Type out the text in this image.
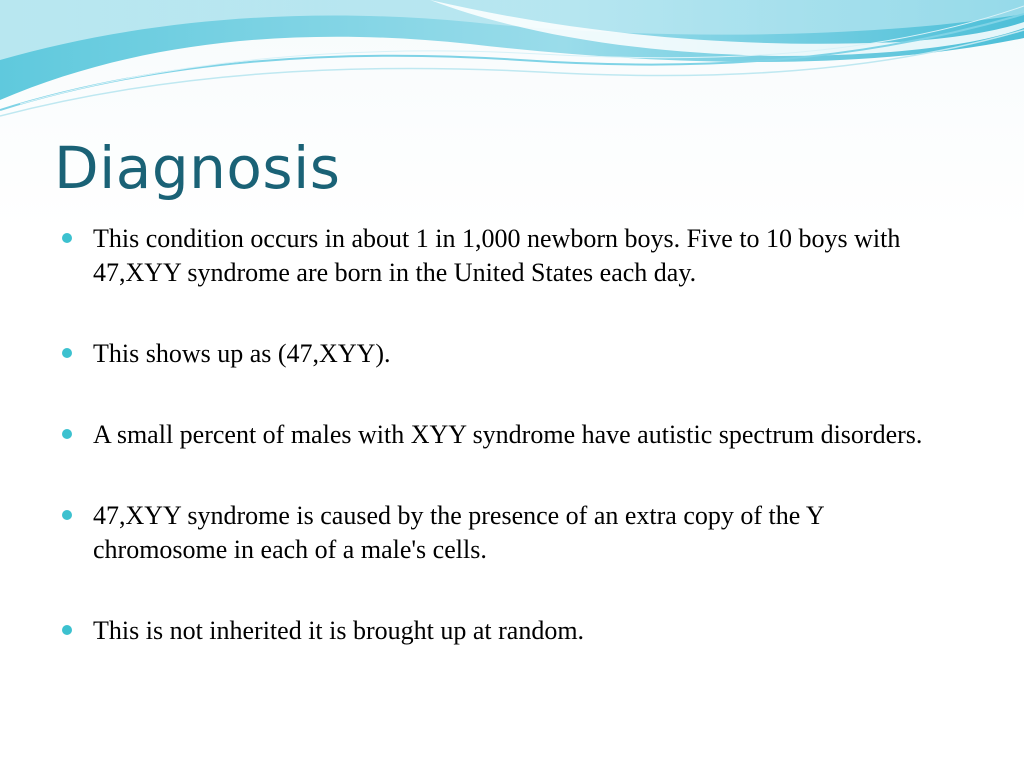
Diagnosis
This condition occurs in about 1 in 1,000 newborn boys. Five to 10 boys with 47,XYY syndrome are born in the United States each day.
This shows up as (47,XYY).
A small percent of males with XYY syndrome have autistic spectrum disorders.
47,XYY syndrome is caused by the presence of an extra copy of the Y chromosome in each of a male's cells.
This is not inherited it is brought up at random.
